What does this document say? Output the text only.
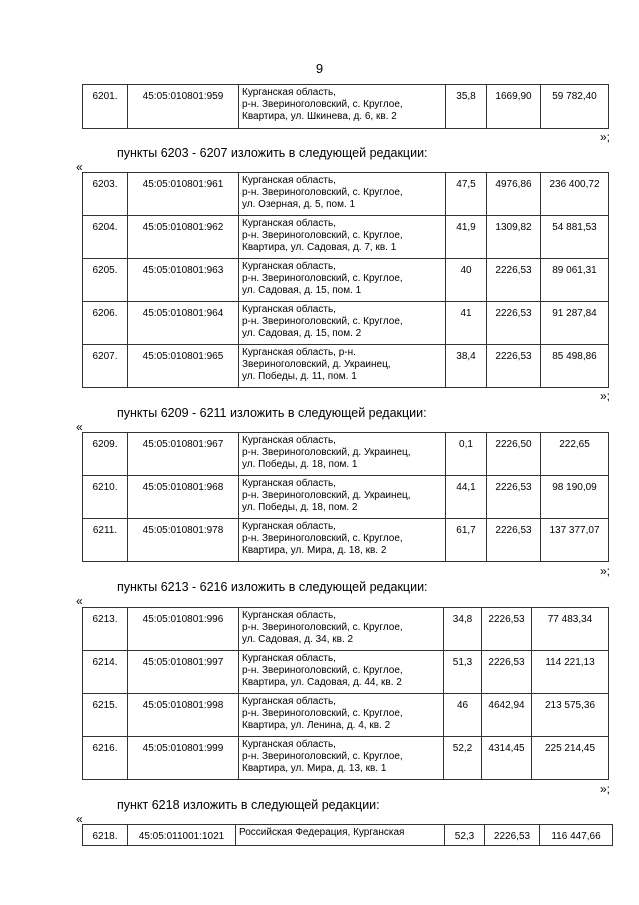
9
6201.	45:05:010801:959	Курганская область,
р-н. Звериноголовский, с. Круглое,
Квартира, ул. Шкинева, д. 6, кв. 2
	35,8	1669,90	59 782,40
»;
пункты 6203 - 6207 изложить в следующей редакции:
«
6203.	45:05:010801:961	Курганская область,
р-н. Звериноголовский, с. Круглое,
ул. Озерная, д. 5, пом. 1	47,5	4976,86	236 400,72
6204.	45:05:010801:962	Курганская область,
р-н. Звериноголовский, с. Круглое,
Квартира, ул. Садовая, д. 7, кв. 1	41,9	1309,82	54 881,53
6205.	45:05:010801:963	Курганская область,
р-н. Звериноголовский, с. Круглое,
ул. Садовая, д. 15, пом. 1	40	2226,53	89 061,31
6206.	45:05:010801:964	Курганская область,
р-н. Звериноголовский, с. Круглое,
ул. Садовая, д. 15, пом. 2	41	2226,53	91 287,84
6207.	45:05:010801:965	Курганская область, р-н.
Звериноголовский, д. Украинец,
ул. Победы, д. 11, пом. 1	38,4	2226,53	85 498,86
»;
пункты 6209 - 6211 изложить в следующей редакции:
«
6209.	45:05:010801:967	Курганская область,
р-н. Звериноголовский, д. Украинец,
ул. Победы, д. 18, пом. 1	0,1	2226,50	222,65
6210.	45:05:010801:968	Курганская область,
р-н. Звериноголовский, д. Украинец,
ул. Победы, д. 18, пом. 2	44,1	2226,53	98 190,09
6211.	45:05:010801:978	Курганская область,
р-н. Звериноголовский, с. Круглое,
Квартира, ул. Мира, д. 18, кв. 2	61,7	2226,53	137 377,07
»;
пункты 6213 - 6216 изложить в следующей редакции:
«
6213.	45:05:010801:996	Курганская область,
р-н. Звериноголовский, с. Круглое,
ул. Садовая, д. 34, кв. 2	34,8	2226,53	77 483,34
6214.	45:05:010801:997	Курганская область,
р-н. Звериноголовский, с. Круглое,
Квартира, ул. Садовая, д. 44, кв. 2	51,3	2226,53	114 221,13
6215.	45:05:010801:998	Курганская область,
р-н. Звериноголовский, с. Круглое,
Квартира, ул. Ленина, д. 4, кв. 2	46	4642,94	213 575,36
6216.	45:05:010801:999	Курганская область,
р-н. Звериноголовский, с. Круглое,
Квартира, ул. Мира, д. 13, кв. 1	52,2	4314,45	225 214,45
»;
пункт 6218 изложить в следующей редакции:
«
6218.	45:05:011001:1021	Российская Федерация, Курганская	52,3	2226,53	116 447,66
